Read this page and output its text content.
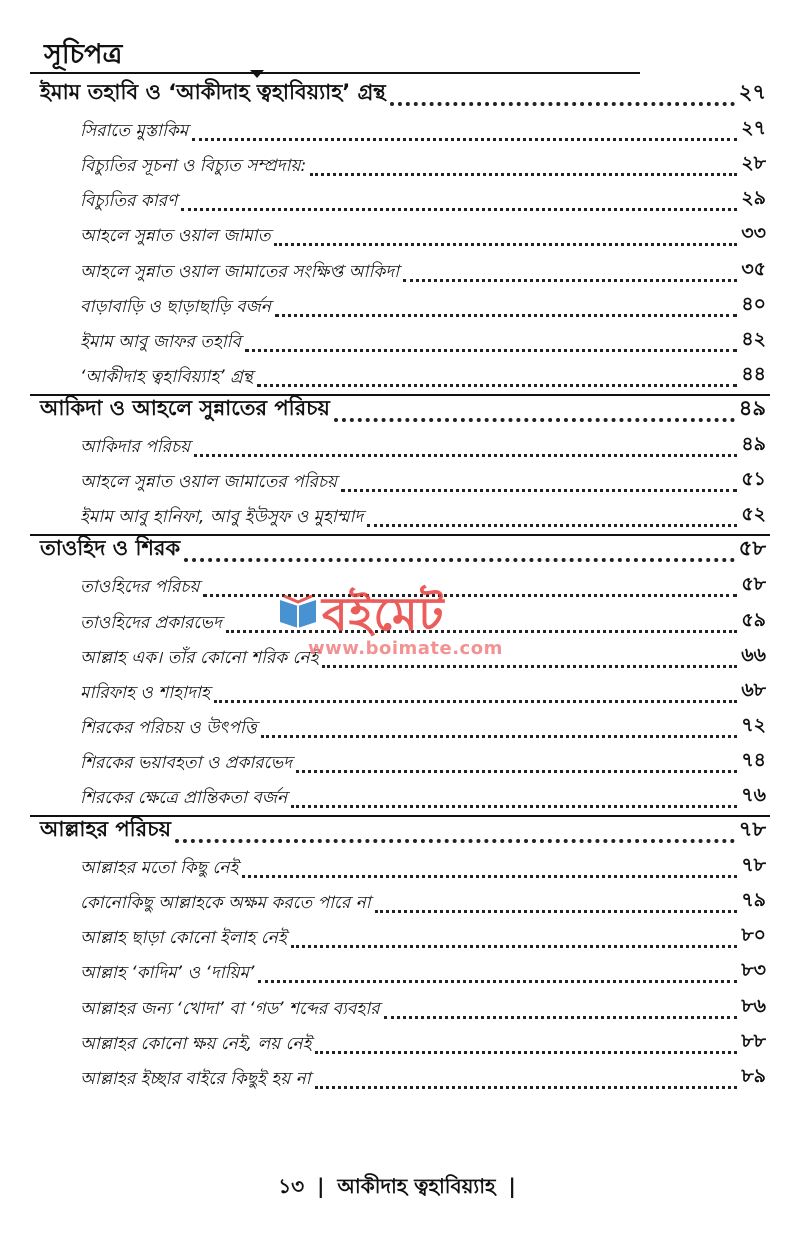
সূচিপত্র
ইমাম তহাবি ও ‘আকীদাহ ত্বহাবিয়্যাহ’ গ্রন্থ	২৭
সিরাতে মুস্তাকিম	২৭
বিচ্যুতির সূচনা ও বিচ্যুত সম্প্রদায়:	২৮
বিচ্যুতির কারণ	২৯
আহলে সুন্নাত ওয়াল জামাত	৩৩
আহলে সুন্নাত ওয়াল জামাতের সংক্ষিপ্ত আকিদা	৩৫
বাড়াবাড়ি ও ছাড়াছাড়ি বর্জন	৪০
ইমাম আবু জাফর তহাবি	৪২
‘আকীদাহ ত্বহাবিয়্যাহ’ গ্রন্থ	৪৪
আকিদা ও আহলে সুন্নাতের পরিচয়	৪৯
আকিদার পরিচয়	৪৯
আহলে সুন্নাত ওয়াল জামাতের পরিচয়	৫১
ইমাম আবু হানিফা, আবু ইউসুফ ও মুহাম্মাদ	৫২
তাওহিদ ও শিরক	৫৮
তাওহিদের পরিচয়	৫৮
তাওহিদের প্রকারভেদ	৫৯
আল্লাহ এক। তাঁর কোনো শরিক নেই	৬৬
মারিফাহ ও শাহাদাহ	৬৮
শিরকের পরিচয় ও উৎপত্তি	৭২
শিরকের ভয়াবহতা ও প্রকারভেদ	৭৪
শিরকের ক্ষেত্রে প্রান্তিকতা বর্জন	৭৬
আল্লাহর পরিচয়	৭৮
আল্লাহর মতো কিছু নেই	৭৮
কোনোকিছু আল্লাহকে অক্ষম করতে পারে না	৭৯
আল্লাহ ছাড়া কোনো ইলাহ নেই	৮০
আল্লাহ ‘কাদিম’ ও ‘দায়িম’	৮৩
আল্লাহর জন্য ‘খোদা’ বা ‘গড’ শব্দের ব্যবহার	৮৬
আল্লাহর কোনো ক্ষয় নেই, লয় নেই	৮৮
আল্লাহর ইচ্ছার বাইরে কিছুই হয় না	৮৯
বইমেট
www.boimate.com
১৩ | আকীদাহ ত্বহাবিয়্যাহ |
